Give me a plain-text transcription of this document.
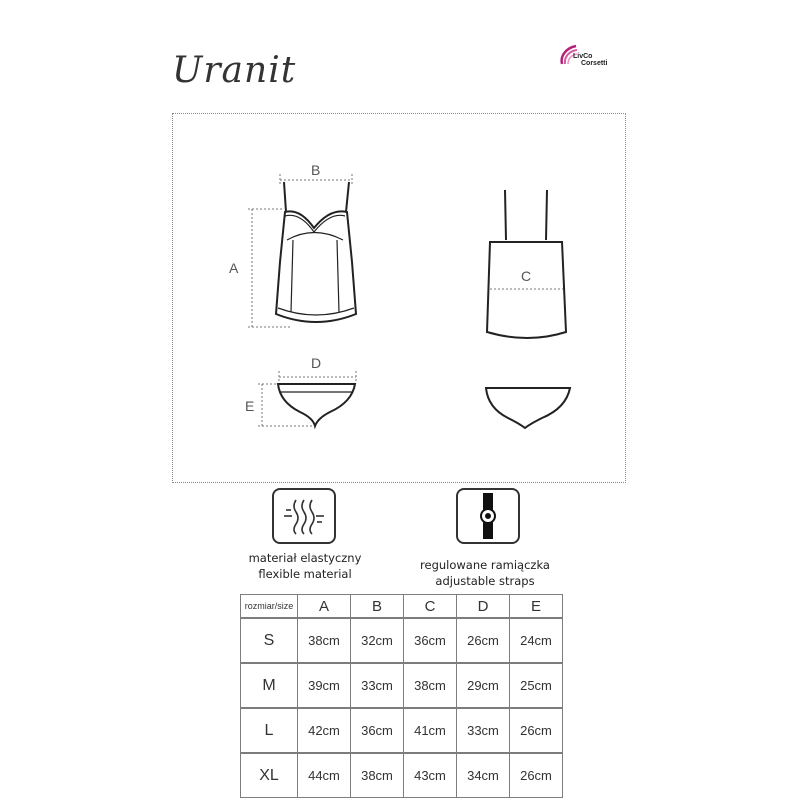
Uranit	LivCo
Corsetti
B
A	C
D
E
materiał elastyczny
flexible material
regulowane ramiączka
adjustable straps
rozmiar/size	A	B	C	D	E
S	38cm	32cm	36cm	26cm	24cm
M	39cm	33cm	38cm	29cm	25cm
L	42cm	36cm	41cm	33cm	26cm
XL	44cm	38cm	43cm	34cm	26cm
